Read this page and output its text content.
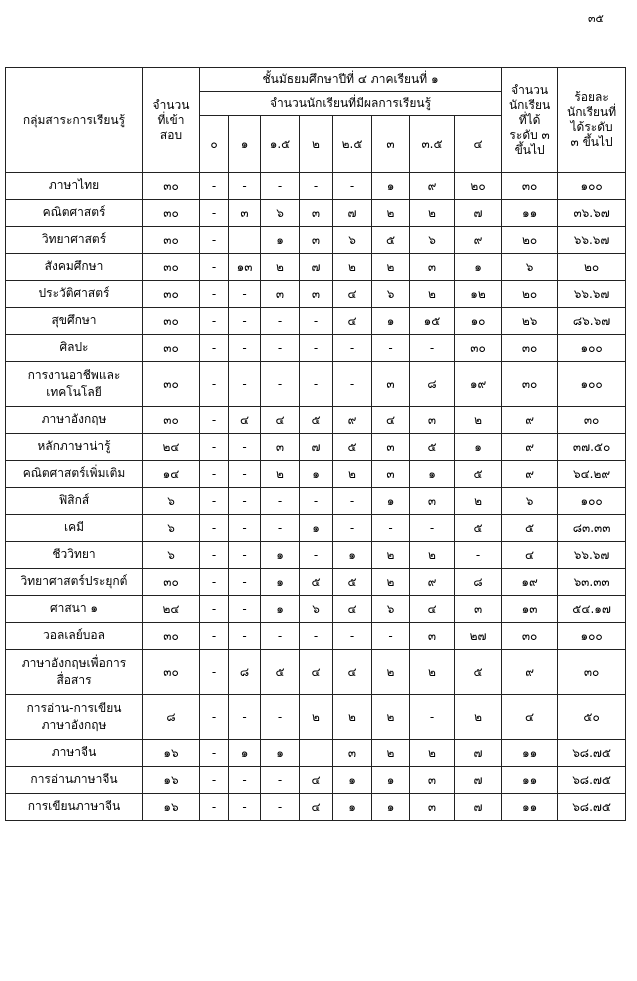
๓๕
กลุ่มสาระการเรียนรู้	จำนวน
ที่เข้า
สอบ	ชั้นมัธยมศึกษาปีที่ ๔ ภาคเรียนที่ ๑								จำนวน
นักเรียน
ที่ได้
ระดับ ๓
ขึ้นไป	ร้อยละ
นักเรียนที่
ได้ระดับ
๓ ขึ้นไป
		จำนวนนักเรียนที่มีผลการเรียนรู้									
		๐	๑	๑.๕	๒	๒.๕	๓	๓.๕	๔		
ภาษาไทย	๓๐	-	-	-	-	-	๑	๙	๒๐	๓๐	๑๐๐
คณิตศาสตร์	๓๐	-	๓	๖	๓	๗	๒	๒	๗	๑๑	๓๖.๖๗
วิทยาศาสตร์	๓๐	-		๑	๓	๖	๕	๖	๙	๒๐	๖๖.๖๗
สังคมศึกษา	๓๐	-	๑๓	๒	๗	๒	๒	๓	๑	๖	๒๐
ประวัติศาสตร์	๓๐	-	-	๓	๓	๔	๖	๒	๑๒	๒๐	๖๖.๖๗
สุขศึกษา	๓๐	-	-	-	-	๔	๑	๑๕	๑๐	๒๖	๘๖.๖๗
ศิลปะ	๓๐	-	-	-	-	-	-	-	๓๐	๓๐	๑๐๐
การงานอาชีพและ
เทคโนโลยี	๓๐	-	-	-	-	-	๓	๘	๑๙	๓๐	๑๐๐
ภาษาอังกฤษ	๓๐	-	๔	๔	๕	๙	๔	๓	๒	๙	๓๐
หลักภาษาน่ารู้	๒๔	-	-	๓	๗	๕	๓	๕	๑	๙	๓๗.๕๐
คณิตศาสตร์เพิ่มเติม	๑๔	-	-	๒	๑	๒	๓	๑	๕	๙	๖๔.๒๙
ฟิสิกส์	๖	-	-	-	-	-	๑	๓	๒	๖	๑๐๐
เคมี	๖	-	-	-	๑	-	-	-	๕	๕	๘๓.๓๓
ชีววิทยา	๖	-	-	๑	-	๑	๒	๒	-	๔	๖๖.๖๗
วิทยาศาสตร์ประยุกต์	๓๐	-	-	๑	๕	๕	๒	๙	๘	๑๙	๖๓.๓๓
ศาสนา ๑	๒๔	-	-	๑	๖	๔	๖	๔	๓	๑๓	๕๔.๑๗
วอลเลย์บอล	๓๐	-	-	-	-	-	-	๓	๒๗	๓๐	๑๐๐
ภาษาอังกฤษเพื่อการ
สื่อสาร	๓๐	-	๘	๕	๔	๔	๒	๒	๕	๙	๓๐
การอ่าน-การเขียน
ภาษาอังกฤษ	๘	-	-	-	๒	๒	๒	-	๒	๔	๕๐
ภาษาจีน	๑๖	-	๑	๑		๓	๒	๒	๗	๑๑	๖๘.๗๕
การอ่านภาษาจีน	๑๖	-	-	-	๔	๑	๑	๓	๗	๑๑	๖๘.๗๕
การเขียนภาษาจีน	๑๖	-	-	-	๔	๑	๑	๓	๗	๑๑	๖๘.๗๕
